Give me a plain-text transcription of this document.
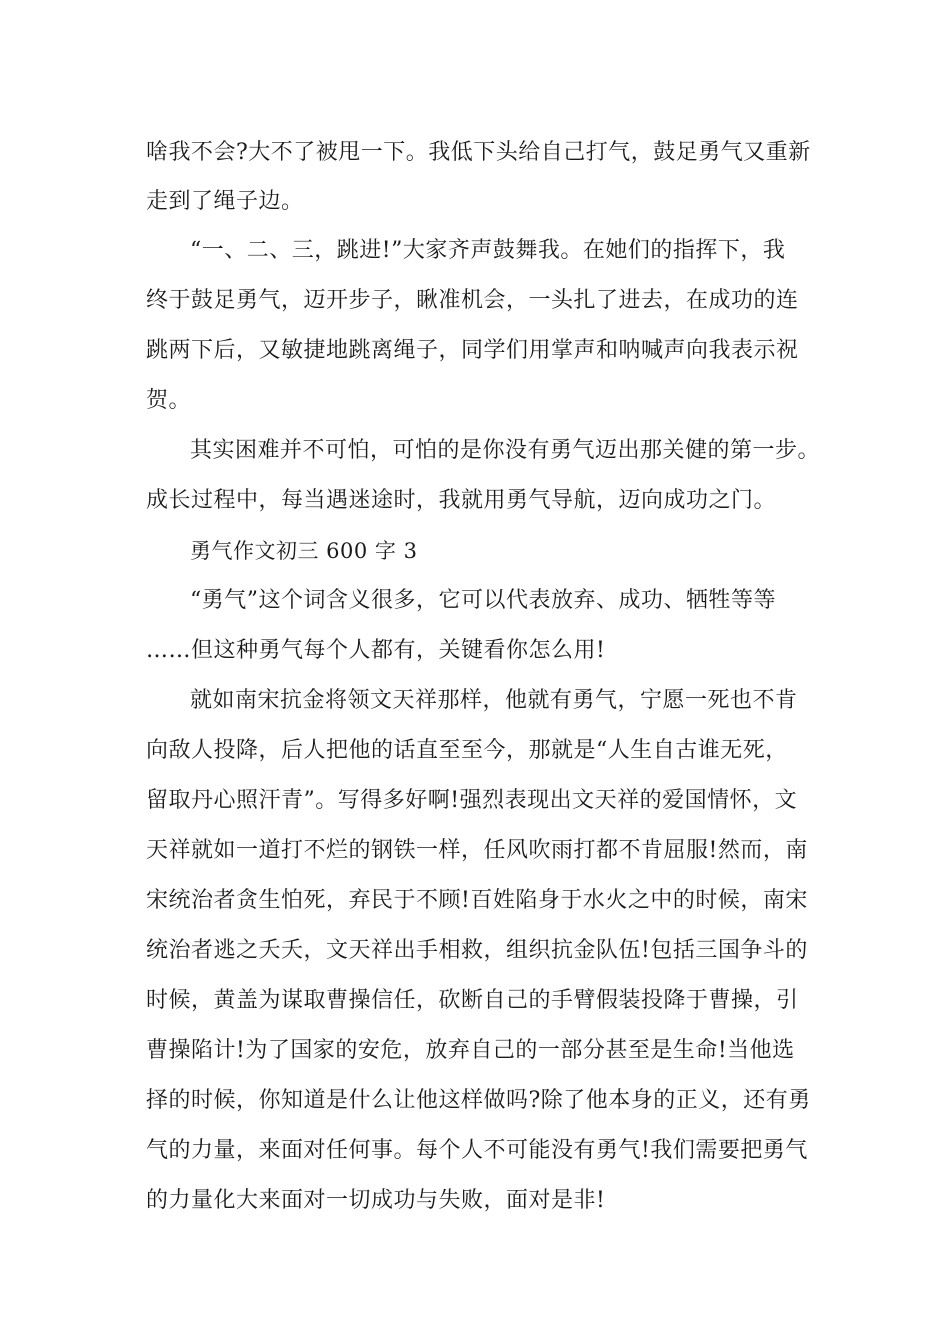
啥我不会?大不了被甩一下。我低下头给自己打气，鼓足勇气又重新
走到了绳子边。
“一、二、三，跳进!”大家齐声鼓舞我。在她们的指挥下，我
终于鼓足勇气，迈开步子，瞅准机会，一头扎了进去，在成功的连
跳两下后，又敏捷地跳离绳子，同学们用掌声和呐喊声向我表示祝
贺。
其实困难并不可怕，可怕的是你没有勇气迈出那关健的第一步。
成长过程中，每当遇迷途时，我就用勇气导航，迈向成功之门。
勇气作文初三 600 字 3
“勇气”这个词含义很多，它可以代表放弃、成功、牺牲等等
……但这种勇气每个人都有，关键看你怎么用!
就如南宋抗金将领文天祥那样，他就有勇气，宁愿一死也不肯
向敌人投降，后人把他的话直至至今，那就是“人生自古谁无死，
留取丹心照汗青”。写得多好啊!强烈表现出文天祥的爱国情怀，文
天祥就如一道打不烂的钢铁一样，任风吹雨打都不肯屈服!然而，南
宋统治者贪生怕死，弃民于不顾!百姓陷身于水火之中的时候，南宋
统治者逃之夭夭，文天祥出手相救，组织抗金队伍!包括三国争斗的
时候，黄盖为谋取曹操信任，砍断自己的手臂假装投降于曹操，引
曹操陷计!为了国家的安危，放弃自己的一部分甚至是生命!当他选
择的时候，你知道是什么让他这样做吗?除了他本身的正义，还有勇
气的力量，来面对任何事。每个人不可能没有勇气!我们需要把勇气
的力量化大来面对一切成功与失败，面对是非!
